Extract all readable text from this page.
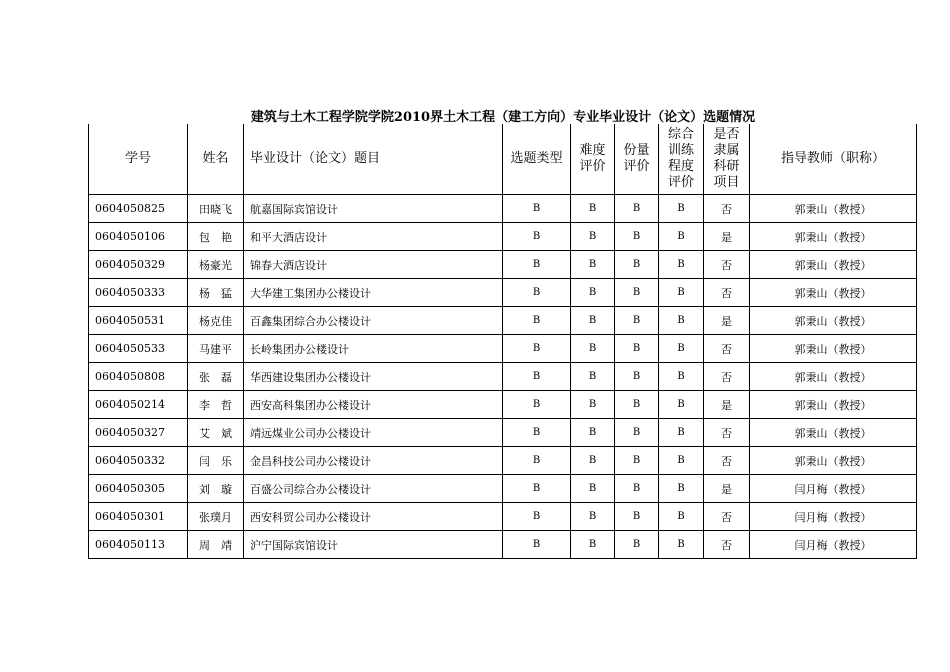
建筑与土木工程学院学院2010界土木工程（建工方向）专业毕业设计（论文）选题情况
学号	姓名	毕业设计（论文）题目	选题类型	难度评价	份量评价	综合训练程度评价	是否隶属科研项目	指导教师（职称）
0604050825	田晓飞	航嘉国际宾馆设计	B	B	B	B	否	郭秉山（教授）
0604050106	包　艳	和平大酒店设计	B	B	B	B	是	郭秉山（教授）
0604050329	杨豪光	锦春大酒店设计	B	B	B	B	否	郭秉山（教授）
0604050333	杨　猛	大华建工集团办公楼设计	B	B	B	B	否	郭秉山（教授）
0604050531	杨克佳	百鑫集团综合办公楼设计	B	B	B	B	是	郭秉山（教授）
0604050533	马建平	长岭集团办公楼设计	B	B	B	B	否	郭秉山（教授）
0604050808	张　磊	华西建设集团办公楼设计	B	B	B	B	否	郭秉山（教授）
0604050214	李　哲	西安高科集团办公楼设计	B	B	B	B	是	郭秉山（教授）
0604050327	艾　斌	靖远煤业公司办公楼设计	B	B	B	B	否	郭秉山（教授）
0604050332	闫　乐	金昌科技公司办公楼设计	B	B	B	B	否	郭秉山（教授）
0604050305	刘　璇	百盛公司综合办公楼设计	B	B	B	B	是	闫月梅（教授）
0604050301	张璞月	西安科贸公司办公楼设计	B	B	B	B	否	闫月梅（教授）
0604050113	周　靖	沪宁国际宾馆设计	B	B	B	B	否	闫月梅（教授）
